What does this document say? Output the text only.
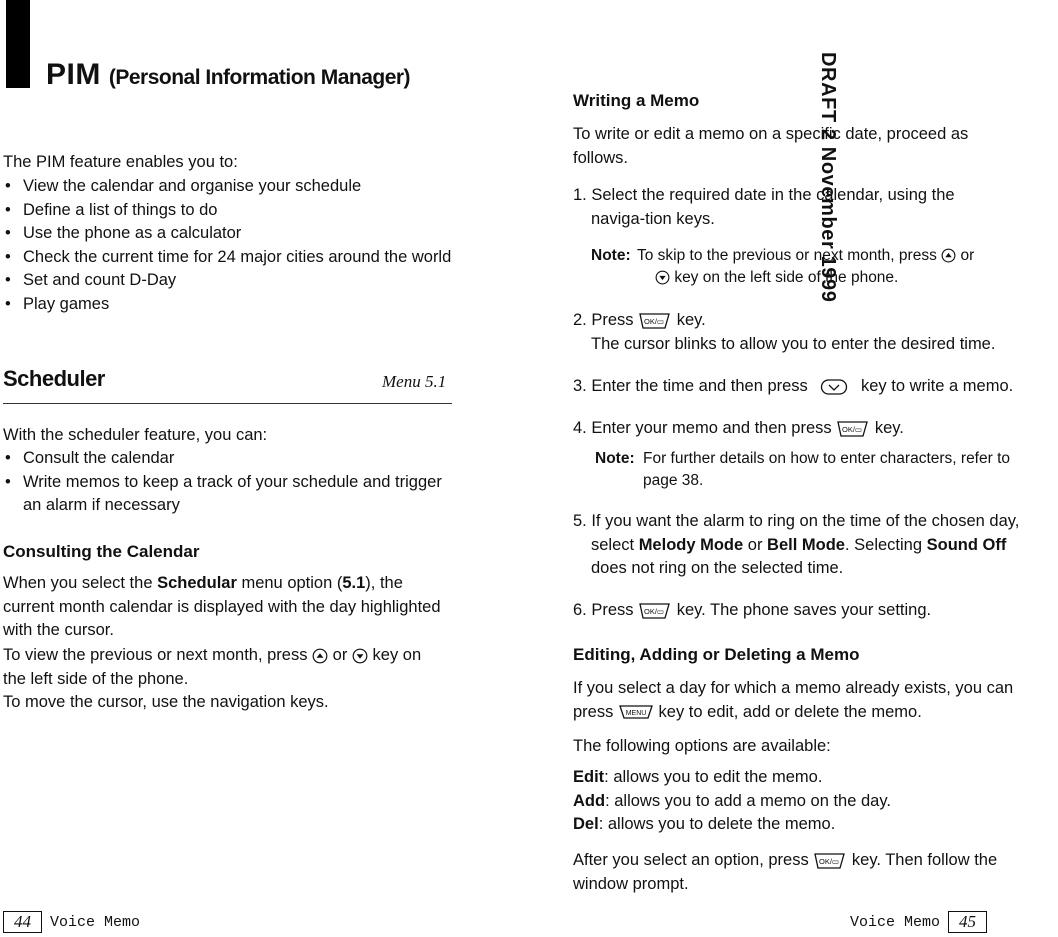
PIM (Personal Information Manager)	DRAFT 2 November 1999
The PIM feature enables you to:
• View the calendar and organise your schedule
• Define a list of things to do
• Use the phone as a calculator
• Check the current time for 24 major cities around the world
• Set and count D-Day
• Play games
Scheduler	Menu 5.1
With the scheduler feature, you can:
• Consult the calendar
• Write memos to keep a track of your schedule and trigger an alarm if necessary
Consulting the Calendar
When you select the Schedular menu option (5.1), the current month calendar is displayed with the day highlighted with the cursor.
To view the previous or next month, press or key on the left side of the phone.
To move the cursor, use the navigation keys.
Writing a Memo
To write or edit a memo on a specific date, proceed as follows.
1. Select the required date in the calendar, using the naviga-tion keys.
Note: To skip to the previous or next month, press or

key on the left side of the phone.
2. Press OK/▭ key.
The cursor blinks to allow you to enter the desired time.
3. Enter the time and then press	key to write a memo.
4. Enter your memo and then press OK/▭ key.
Note: For further details on how to enter characters, refer to page 38.
5. If you want the alarm to ring on the time of the chosen day, select Melody Mode or Bell Mode. Selecting Sound Off does not ring on the selected time.
6. Press OK/▭ key. The phone saves your setting.
Editing, Adding or Deleting a Memo
If you select a day for which a memo already exists, you can press MENU key to edit, add or delete the memo.
The following options are available:
Edit: allows you to edit the memo.
Add: allows you to add a memo on the day.
Del: allows you to delete the memo.
After you select an option, press OK/▭ key. Then follow the window prompt.
44	Voice Memo	Voice Memo	45
